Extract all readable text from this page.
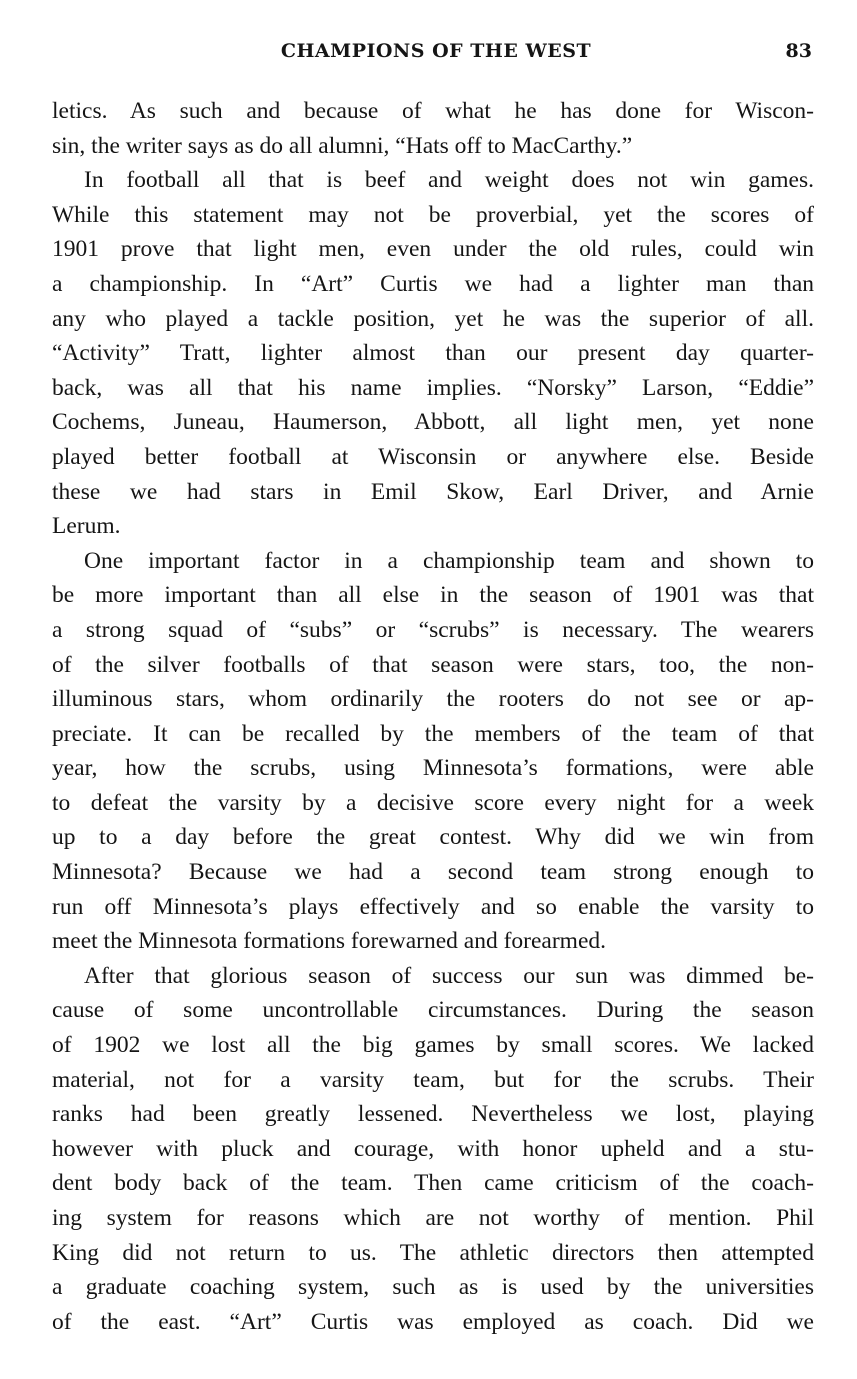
CHAMPIONS OF THE WEST	83
letics. As such and because of what he has done for Wiscon-
sin, the writer says as do all alumni, “Hats off to MacCarthy.”
In football all that is beef and weight does not win games.
While this statement may not be proverbial, yet the scores of
1901 prove that light men, even under the old rules, could win
a championship. In “Art” Curtis we had a lighter man than
any who played a tackle position, yet he was the superior of all.
“Activity” Tratt, lighter almost than our present day quarter-
back, was all that his name implies. “Norsky” Larson, “Eddie”
Cochems, Juneau, Haumerson, Abbott, all light men, yet none
played better football at Wisconsin or anywhere else. Beside
these we had stars in Emil Skow, Earl Driver, and Arnie
Lerum.
One important factor in a championship team and shown to
be more important than all else in the season of 1901 was that
a strong squad of “subs” or “scrubs” is necessary. The wearers
of the silver footballs of that season were stars, too, the non-
illuminous stars, whom ordinarily the rooters do not see or ap-
preciate. It can be recalled by the members of the team of that
year, how the scrubs, using Minnesota’s formations, were able
to defeat the varsity by a decisive score every night for a week
up to a day before the great contest. Why did we win from
Minnesota? Because we had a second team strong enough to
run off Minnesota’s plays effectively and so enable the varsity to
meet the Minnesota formations forewarned and forearmed.
After that glorious season of success our sun was dimmed be-
cause of some uncontrollable circumstances. During the season
of 1902 we lost all the big games by small scores. We lacked
material, not for a varsity team, but for the scrubs. Their
ranks had been greatly lessened. Nevertheless we lost, playing
however with pluck and courage, with honor upheld and a stu-
dent body back of the team. Then came criticism of the coach-
ing system for reasons which are not worthy of mention. Phil
King did not return to us. The athletic directors then attempted
a graduate coaching system, such as is used by the universities
of the east. “Art” Curtis was employed as coach. Did we
